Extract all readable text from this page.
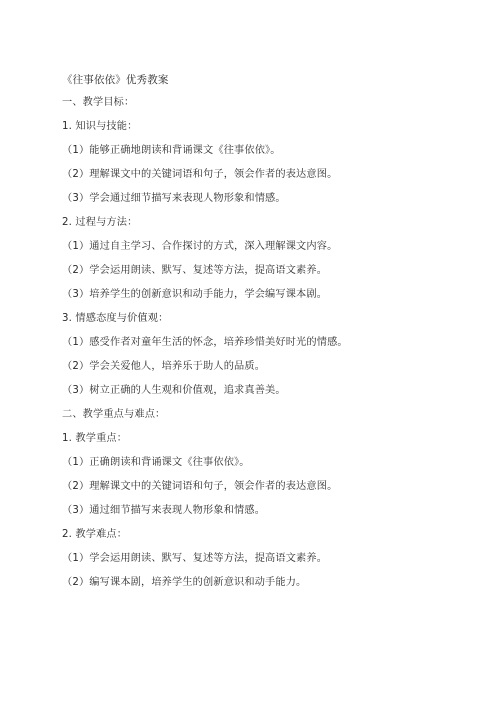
《往事依依》优秀教案
一、教学目标：
1. 知识与技能：
（1）能够正确地朗读和背诵课文《往事依依》。
（2）理解课文中的关键词语和句子，领会作者的表达意图。
（3）学会通过细节描写来表现人物形象和情感。
2. 过程与方法：
（1）通过自主学习、合作探讨的方式，深入理解课文内容。
（2）学会运用朗读、默写、复述等方法，提高语文素养。
（3）培养学生的创新意识和动手能力，学会编写课本剧。
3. 情感态度与价值观：
（1）感受作者对童年生活的怀念，培养珍惜美好时光的情感。
（2）学会关爱他人，培养乐于助人的品质。
（3）树立正确的人生观和价值观，追求真善美。
二、教学重点与难点：
1. 教学重点：
（1）正确朗读和背诵课文《往事依依》。
（2）理解课文中的关键词语和句子，领会作者的表达意图。
（3）通过细节描写来表现人物形象和情感。
2. 教学难点：
（1）学会运用朗读、默写、复述等方法，提高语文素养。
（2）编写课本剧，培养学生的创新意识和动手能力。
